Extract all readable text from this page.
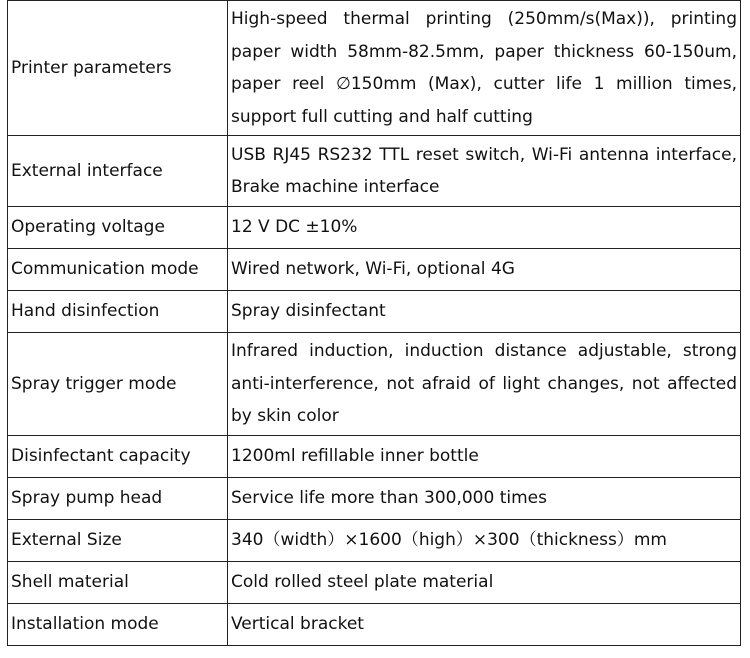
Printer parameters	High-speed thermal printing (250mm/s(Max)), printing paper width 58mm-82.5mm, paper thickness 60-150um, paper reel ∅150mm (Max), cutter life 1 million times, support full cutting and half cutting
External interface	USB RJ45 RS232 TTL reset switch, Wi-Fi antenna interface, Brake machine interface
Operating voltage	12 V DC ±10%
Communication mode	Wired network, Wi-Fi, optional 4G
Hand disinfection	Spray disinfectant
Spray trigger mode	Infrared induction, induction distance adjustable, strong anti-interference, not afraid of light changes, not affected by skin color
Disinfectant capacity	1200ml refillable inner bottle
Spray pump head	Service life more than 300,000 times
External Size	340（width）×1600（high）×300（thickness）mm
Shell material	Cold rolled steel plate material
Installation mode	Vertical bracket
